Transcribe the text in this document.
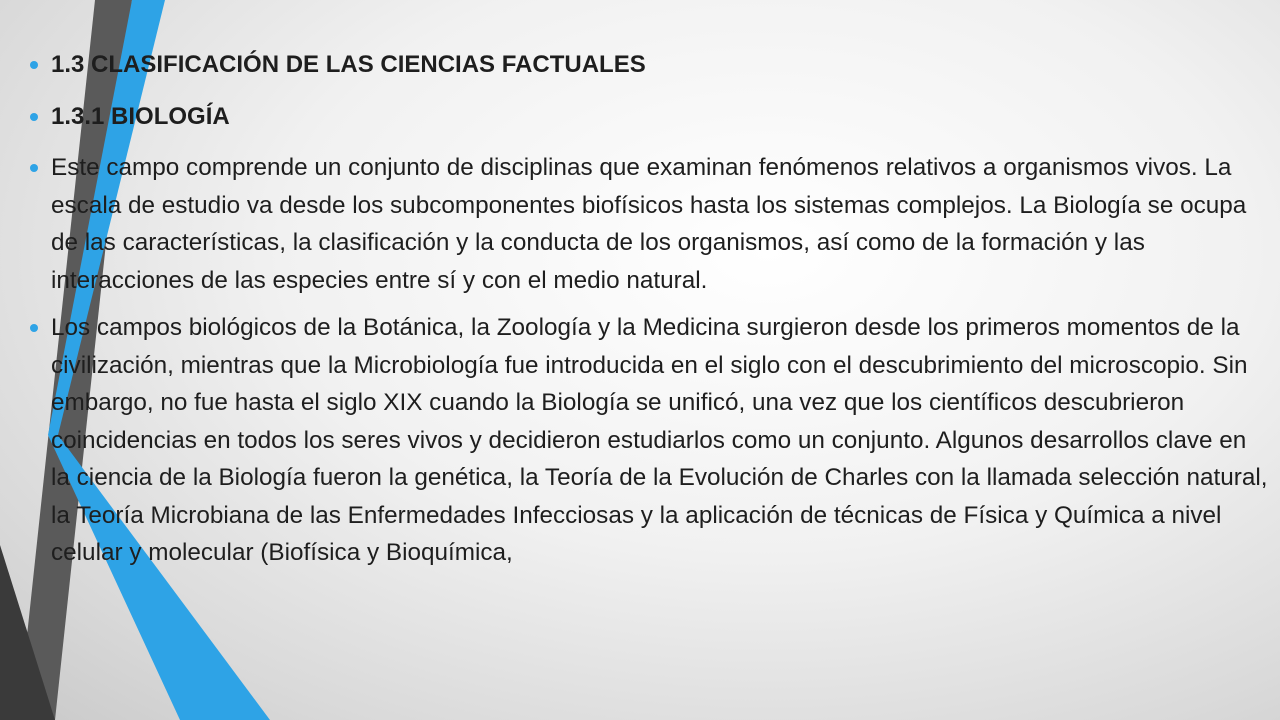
1.3 CLASIFICACIÓN DE LAS CIENCIAS FACTUALES
1.3.1 BIOLOGÍA
Este campo comprende un conjunto de disciplinas que examinan fenómenos relativos a organismos vivos. La escala de estudio va desde los subcomponentes biofísicos hasta los sistemas complejos. La Biología se ocupa de las características, la clasificación y la conducta de los organismos, así como de la formación y las interacciones de las especies entre sí y con el medio natural.
Los campos biológicos de la Botánica, la Zoología y la Medicina surgieron desde los primeros momentos de la civilización, mientras que la Microbiología fue introducida en el siglo con el descubrimiento del microscopio. Sin embargo, no fue hasta el siglo XIX cuando la Biología se unificó, una vez que los científicos descubrieron coincidencias en todos los seres vivos y decidieron estudiarlos como un conjunto. Algunos desarrollos clave en la ciencia de la Biología fueron la genética, la Teoría de la Evolución de Charles con la llamada selección natural, la Teoría Microbiana de las Enfermedades Infecciosas y la aplicación de técnicas de Física y Química a nivel celular y molecular (Biofísica y Bioquímica,
